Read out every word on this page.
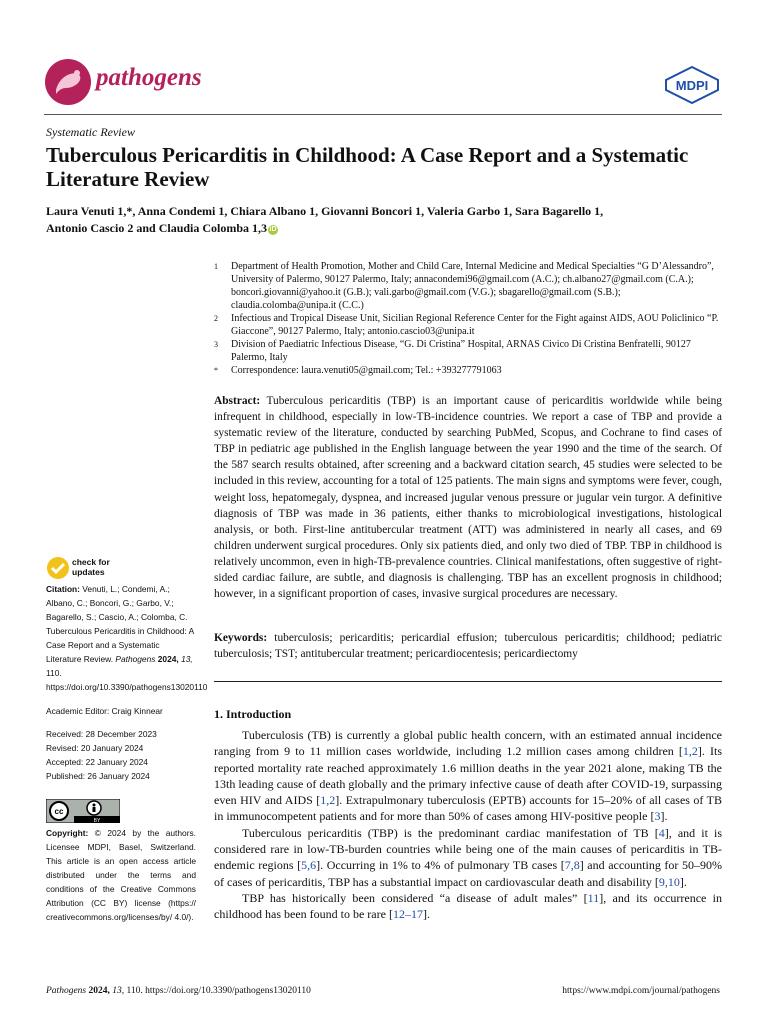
pathogens	MDPI
Systematic Review
Tuberculous Pericarditis in Childhood: A Case Report and a Systematic Literature Review
Laura Venuti 1,*, Anna Condemi 1, Chiara Albano 1, Giovanni Boncori 1, Valeria Garbo 1, Sara Bagarello 1,
Antonio Cascio 2 and Claudia Colomba 1,3 iD
1	Department of Health Promotion, Mother and Child Care, Internal Medicine and Medical Specialties “G D’Alessandro”, University of Palermo, 90127 Palermo, Italy; annacondemi96@gmail.com (A.C.); ch.albano27@gmail.com (C.A.); boncori.giovanni@yahoo.it (G.B.); vali.garbo@gmail.com (V.G.); sbagarello@gmail.com (S.B.); claudia.colomba@unipa.it (C.C.)
2	Infectious and Tropical Disease Unit, Sicilian Regional Reference Center for the Fight against AIDS, AOU Policlinico “P. Giaccone”, 90127 Palermo, Italy; antonio.cascio03@unipa.it
3	Division of Paediatric Infectious Disease, “G. Di Cristina” Hospital, ARNAS Civico Di Cristina Benfratelli, 90127 Palermo, Italy
*	Correspondence: laura.venuti05@gmail.com; Tel.: +393277791063
Abstract: Tuberculous pericarditis (TBP) is an important cause of pericarditis worldwide while being infrequent in childhood, especially in low-TB-incidence countries. We report a case of TBP and provide a systematic review of the literature, conducted by searching PubMed, Scopus, and Cochrane to find cases of TBP in pediatric age published in the English language between the year 1990 and the time of the search. Of the 587 search results obtained, after screening and a backward citation search, 45 studies were selected to be included in this review, accounting for a total of 125 patients. The main signs and symptoms were fever, cough, weight loss, hepatomegaly, dyspnea, and increased jugular venous pressure or jugular vein turgor. A definitive diagnosis of TBP was made in 36 patients, either thanks to microbiological investigations, histological analysis, or both. First-line antitubercular treatment (ATT) was administered in nearly all cases, and 69 children underwent surgical procedures. Only six patients died, and only two died of TBP. TBP in childhood is relatively uncommon, even in high-TB-prevalence countries. Clinical manifestations, often suggestive of right-sided cardiac failure, are subtle, and diagnosis is challenging. TBP has an excellent prognosis in childhood; however, in a significant proportion of cases, invasive surgical procedures are necessary.
Keywords: tuberculosis; pericarditis; pericardial effusion; tuberculous pericarditis; childhood; pediatric tuberculosis; TST; antitubercular treatment; pericardiocentesis; pericardiectomy
1. Introduction

Tuberculosis (TB) is currently a global public health concern, with an estimated annual incidence ranging from 9 to 11 million cases worldwide, including 1.2 million cases among children [1,2]. Its reported mortality rate reached approximately 1.6 million deaths in the year 2021 alone, making TB the 13th leading cause of death globally and the primary infective cause of death after COVID-19, surpassing even HIV and AIDS [1,2]. Extrapulmonary tuberculosis (EPTB) accounts for 15–20% of all cases of TB in immunocompetent patients and for more than 50% of cases among HIV-positive people [3].

Tuberculous pericarditis (TBP) is the predominant cardiac manifestation of TB [4], and it is considered rare in low-TB-burden countries while being one of the main causes of pericarditis in TB-endemic regions [5,6]. Occurring in 1% to 4% of pulmonary TB cases [7,8] and accounting for 50–90% of cases of pericarditis, TBP has a substantial impact on cardiovascular death and disability [9,10].

TBP has historically been considered “a disease of adult males” [11], and its occurrence in childhood has been found to be rare [12–17].

check for updates
Citation: Venuti, L.; Condemi, A.; Albano, C.; Boncori, G.; Garbo, V.; Bagarello, S.; Cascio, A.; Colomba, C. Tuberculous Pericarditis in Childhood: A Case Report and a Systematic Literature Review. Pathogens 2024, 13, 110. https://doi.org/10.3390/pathogens13020110
Academic Editor: Craig Kinnear
Received: 28 December 2023
Revised: 20 January 2024
Accepted: 22 January 2024
Published: 26 January 2024
cc
BY
Copyright: © 2024 by the authors. Licensee MDPI, Basel, Switzerland. This article is an open access article distributed under the terms and conditions of the Creative Commons Attribution (CC BY) license (https:// creativecommons.org/licenses/by/ 4.0/).
Pathogens 2024, 13, 110. https://doi.org/10.3390/pathogens13020110	https://www.mdpi.com/journal/pathogens
